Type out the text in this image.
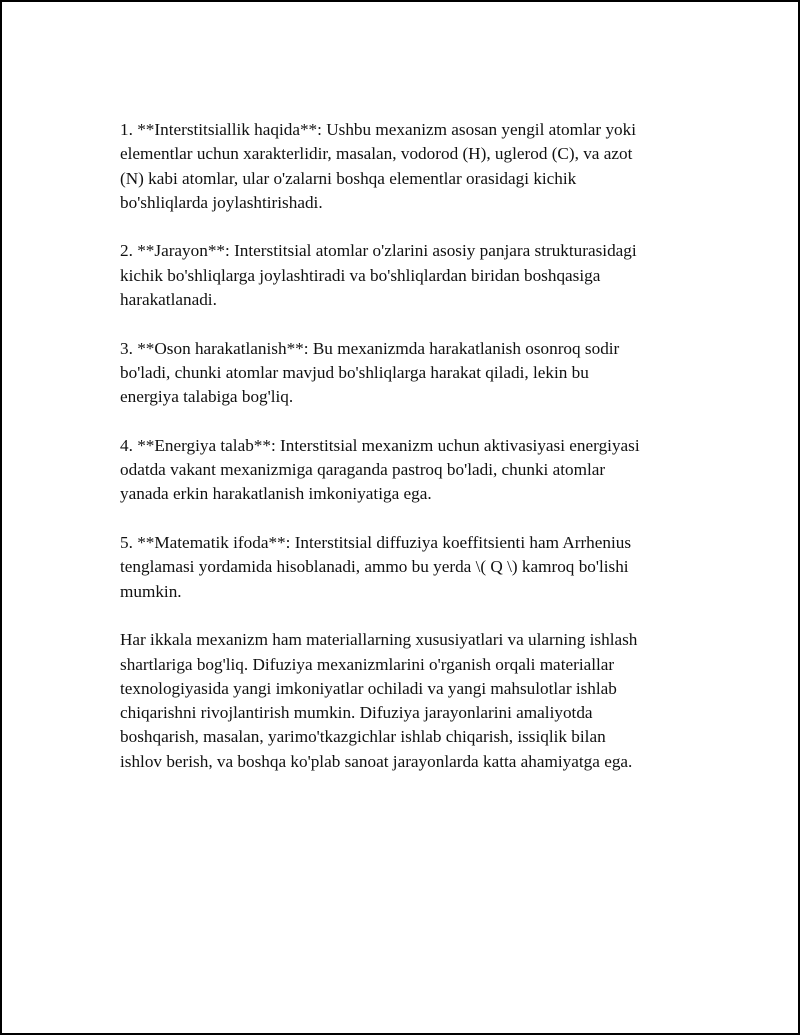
1. **Interstitsiallik haqida**: Ushbu mexanizm asosan yengil atomlar yoki
elementlar uchun xarakterlidir, masalan, vodorod (H), uglerod (C), va azot
(N) kabi atomlar, ular o'zalarni boshqa elementlar orasidagi kichik
bo'shliqlarda joylashtirishadi.

2. **Jarayon**: Interstitsial atomlar o'zlarini asosiy panjara strukturasidagi
kichik bo'shliqlarga joylashtiradi va bo'shliqlardan biridan boshqasiga
harakatlanadi.

3. **Oson harakatlanish**: Bu mexanizmda harakatlanish osonroq sodir
bo'ladi, chunki atomlar mavjud bo'shliqlarga harakat qiladi, lekin bu
energiya talabiga bog'liq.

4. **Energiya talab**: Interstitsial mexanizm uchun aktivasiyasi energiyasi
odatda vakant mexanizmiga qaraganda pastroq bo'ladi, chunki atomlar
yanada erkin harakatlanish imkoniyatiga ega.

5. **Matematik ifoda**: Interstitsial diffuziya koeffitsienti ham Arrhenius
tenglamasi yordamida hisoblanadi, ammo bu yerda \( Q \) kamroq bo'lishi
mumkin.

Har ikkala mexanizm ham materiallarning xususiyatlari va ularning ishlash
shartlariga bog'liq. Difuziya mexanizmlarini o'rganish orqali materiallar
texnologiyasida yangi imkoniyatlar ochiladi va yangi mahsulotlar ishlab
chiqarishni rivojlantirish mumkin. Difuziya jarayonlarini amaliyotda
boshqarish, masalan, yarimo'tkazgichlar ishlab chiqarish, issiqlik bilan
ishlov berish, va boshqa ko'plab sanoat jarayonlarda katta ahamiyatga ega.
